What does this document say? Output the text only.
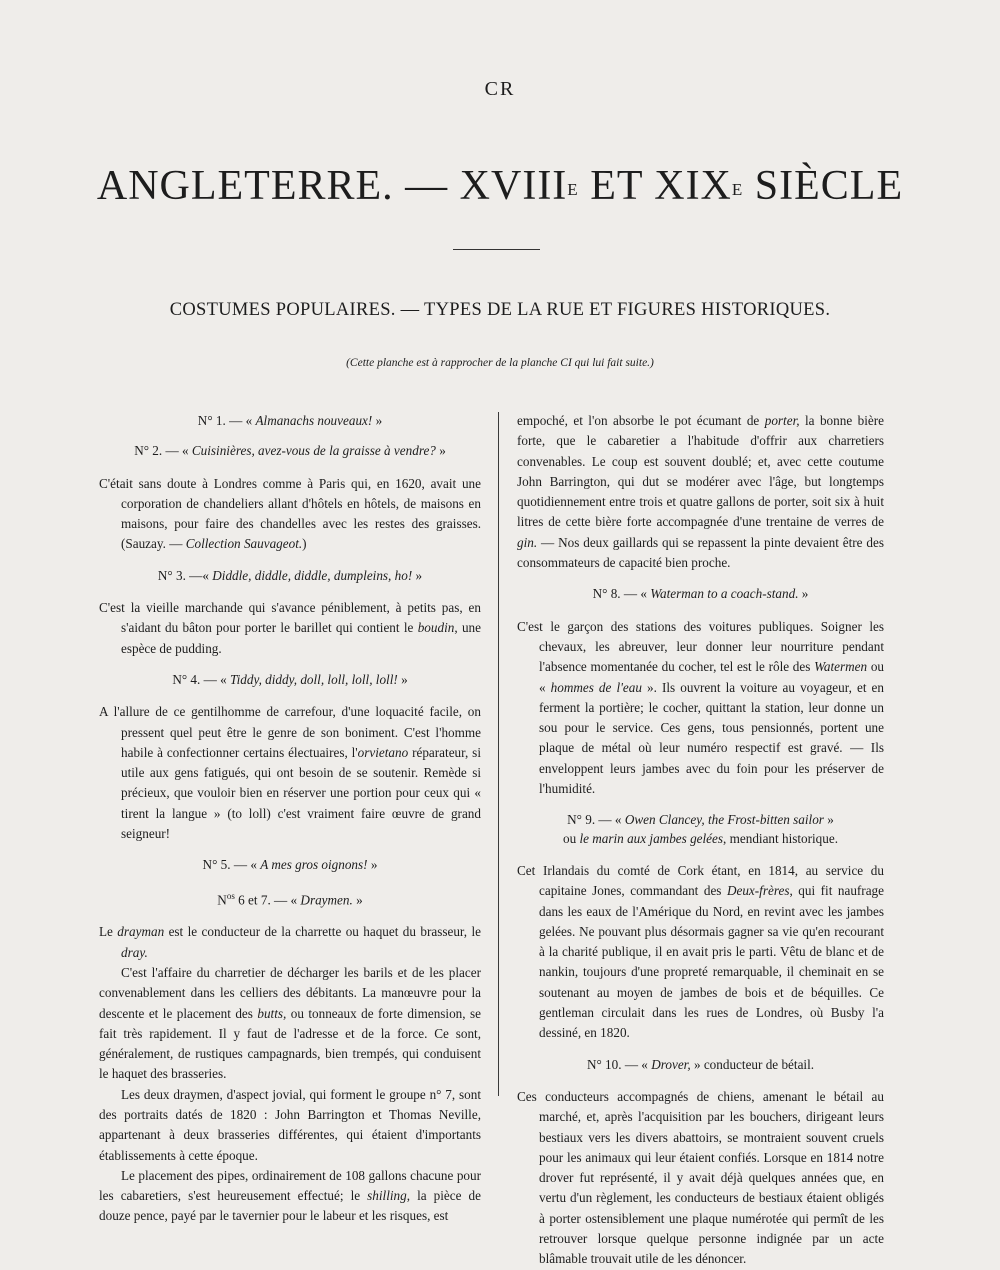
CR
ANGLETERRE. — $XVIII^E$ ET $XIX^E$ SIÈCLE
COSTUMES POPULAIRES. — TYPES DE LA RUE ET FIGURES HISTORIQUES.
(Cette planche est à rapprocher de la planche CI qui lui fait suite.)

N° 1. — « Almanachs nouveaux! »

N° 2. — « Cuisinières, avez-vous de la graisse à vendre? »

C'était sans doute à Londres comme à Paris qui, en 1620, avait une corporation de chandeliers allant d'hôtels en hôtels, de maisons en maisons, pour faire des chandelles avec les restes des graisses. (Sauzay. — Collection Sauvageot.)

N° 3. —« Diddle, diddle, diddle, dumpleins, ho! »

C'est la vieille marchande qui s'avance péniblement, à petits pas, en s'aidant du bâton pour porter le barillet qui contient le boudin, une espèce de pudding.

N° 4. — « Tiddy, diddy, doll, loll, loll, loll! »

A l'allure de ce gentilhomme de carrefour, d'une loquacité facile, on pressent quel peut être le genre de son boniment. C'est l'homme habile à confectionner certains électuaires, l'orvietano réparateur, si utile aux gens fatigués, qui ont besoin de se soutenir. Remède si précieux, que vouloir bien en réserver une portion pour ceux qui « tirent la langue » (to loll) c'est vraiment faire œuvre de grand seigneur!

N° 5. — « A mes gros oignons! »

$N^{os}$ 6 et 7. — « Draymen. »

Le drayman est le conducteur de la charrette ou haquet du brasseur, le dray.

C'est l'affaire du charretier de décharger les barils et de les placer convenablement dans les celliers des débitants. La manœuvre pour la descente et le placement des butts, ou tonneaux de forte dimension, se fait très rapidement. Il y faut de l'adresse et de la force. Ce sont, généralement, de rustiques campagnards, bien trempés, qui conduisent le haquet des brasseries.

Les deux draymen, d'aspect jovial, qui forment le groupe n° 7, sont des portraits datés de 1820 : John Barrington et Thomas Neville, appartenant à deux brasseries différentes, qui étaient d'importants établissements à cette époque.

Le placement des pipes, ordinairement de 108 gallons chacune pour les cabaretiers, s'est heureusement effectué; le shilling, la pièce de douze pence, payé par le tavernier pour le labeur et les risques, est

empoché, et l'on absorbe le pot écumant de porter, la bonne bière forte, que le cabaretier a l'habitude d'offrir aux charretiers convenables. Le coup est souvent doublé; et, avec cette coutume John Barrington, qui dut se modérer avec l'âge, but longtemps quotidiennement entre trois et quatre gallons de porter, soit six à huit litres de cette bière forte accompagnée d'une trentaine de verres de gin. — Nos deux gaillards qui se repassent la pinte devaient être des consommateurs de capacité bien proche.

N° 8. — « Waterman to a coach-stand. »

C'est le garçon des stations des voitures publiques. Soigner les chevaux, les abreuver, leur donner leur nourriture pendant l'absence momentanée du cocher, tel est le rôle des Watermen ou « hommes de l'eau ». Ils ouvrent la voiture au voyageur, et en ferment la portière; le cocher, quittant la station, leur donne un sou pour le service. Ces gens, tous pensionnés, portent une plaque de métal où leur numéro respectif est gravé. — Ils enveloppent leurs jambes avec du foin pour les préserver de l'humidité.

N° 9. — « Owen Clancey, the Frost-bitten sailor »

ou le marin aux jambes gelées, mendiant historique.

Cet Irlandais du comté de Cork étant, en 1814, au service du capitaine Jones, commandant des Deux-frères, qui fit naufrage dans les eaux de l'Amérique du Nord, en revint avec les jambes gelées. Ne pouvant plus désormais gagner sa vie qu'en recourant à la charité publique, il en avait pris le parti. Vêtu de blanc et de nankin, toujours d'une propreté remarquable, il cheminait en se soutenant au moyen de jambes de bois et de béquilles. Ce gentleman circulait dans les rues de Londres, où Busby l'a dessiné, en 1820.

N° 10. — « Drover, » conducteur de bétail.

Ces conducteurs accompagnés de chiens, amenant le bétail au marché, et, après l'acquisition par les bouchers, dirigeant leurs bestiaux vers les divers abattoirs, se montraient souvent cruels pour les animaux qui leur étaient confiés. Lorsque en 1814 notre drover fut représenté, il y avait déjà quelques années que, en vertu d'un règlement, les conducteurs de bestiaux étaient obligés à porter ostensiblement une plaque numérotée qui permît de les retrouver lorsque quelque personne indignée par un acte blâmable trouvait utile de les dénoncer.
